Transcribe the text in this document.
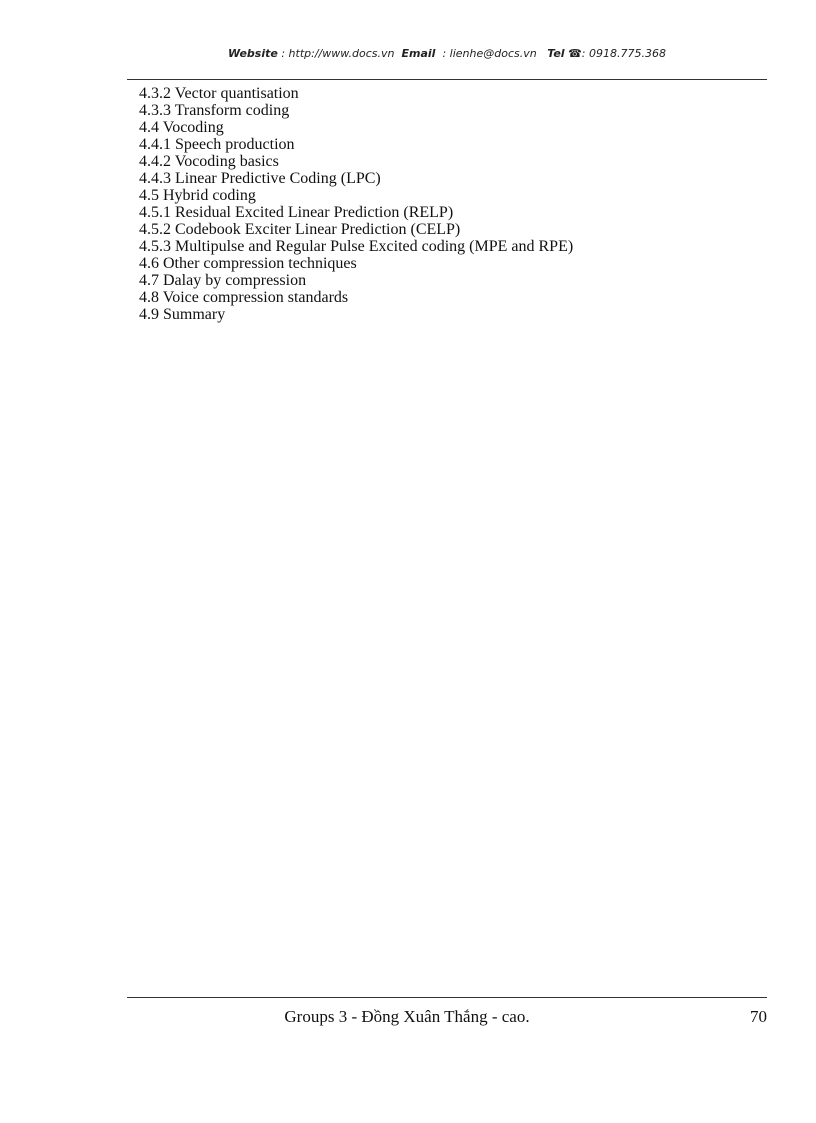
Website : http://www.docs.vn Email : lienhe@docs.vn Tel ☎: 0918.775.368
4.3.2 Vector quantisation
4.3.3 Transform coding
4.4 Vocoding
4.4.1 Speech production
4.4.2 Vocoding basics
4.4.3 Linear Predictive Coding (LPC)
4.5 Hybrid coding
4.5.1 Residual Excited Linear Prediction (RELP)
4.5.2 Codebook Exciter Linear Prediction (CELP)
4.5.3 Multipulse and Regular Pulse Excited coding (MPE and RPE)
4.6 Other compression techniques
4.7 Dalay by compression
4.8 Voice compression standards
4.9 Summary
Groups 3 - Đồng Xuân Thắng - cao.	70
